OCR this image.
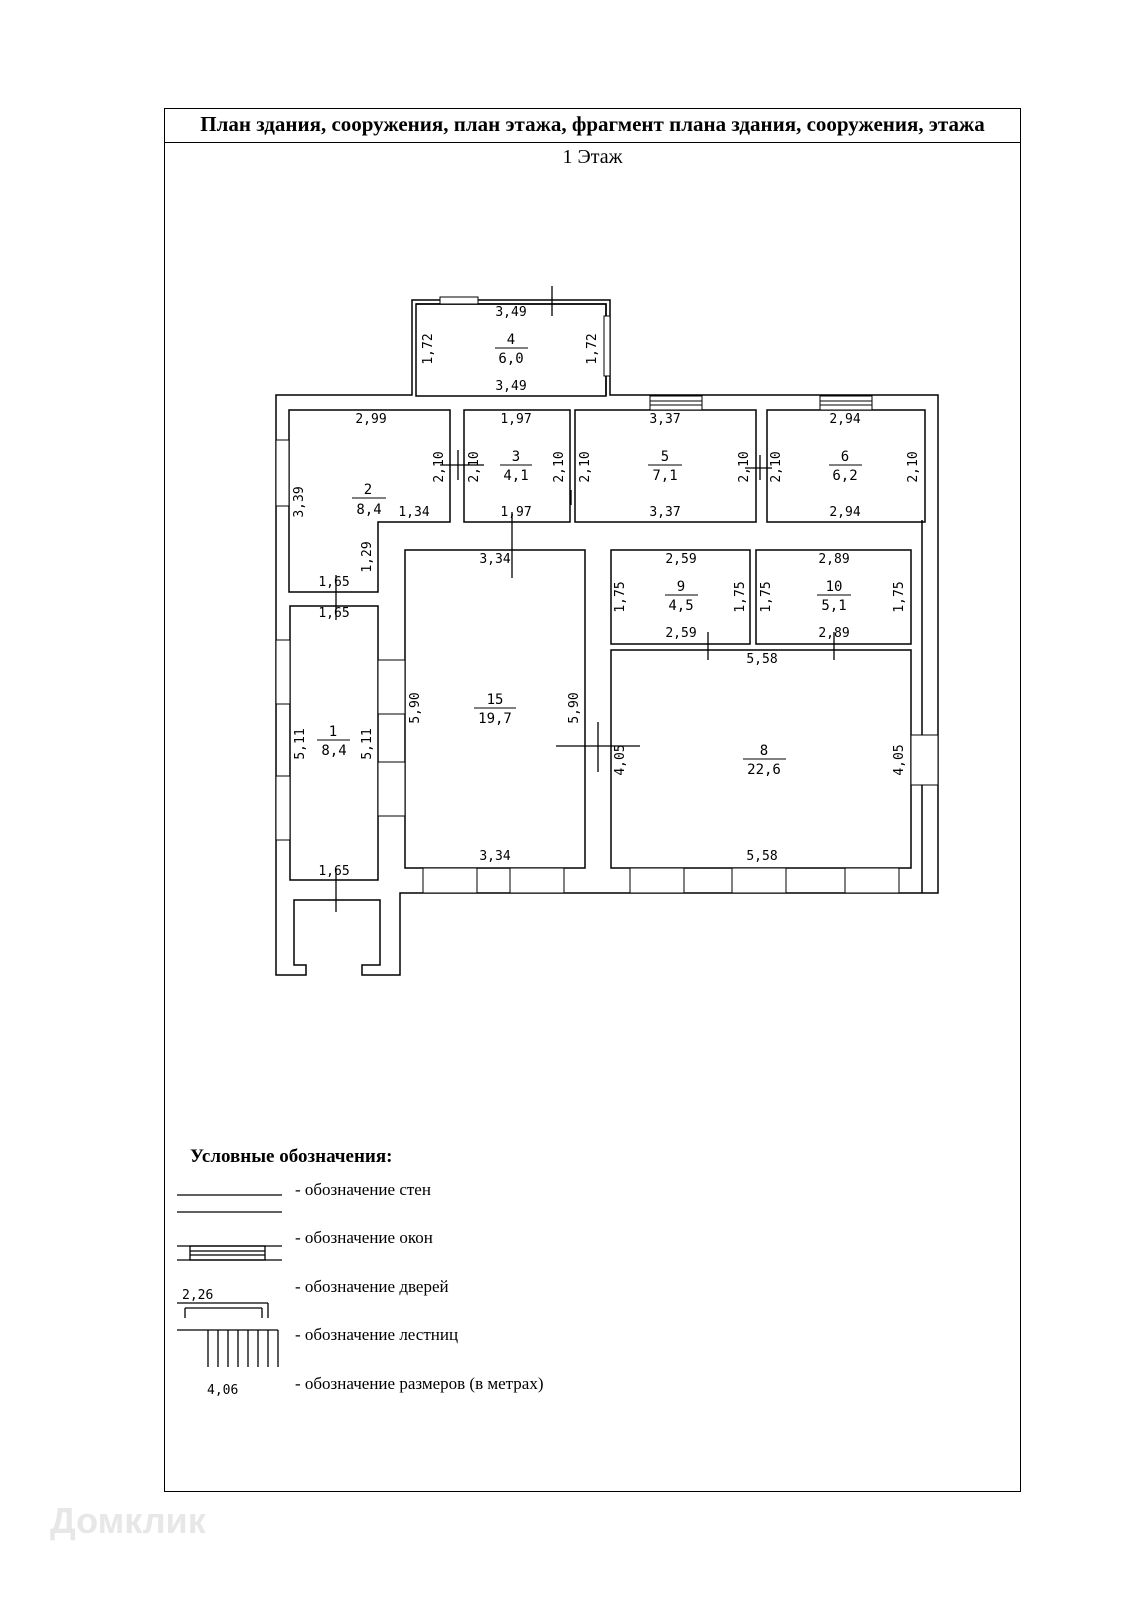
План здания, сооружения, план этажа, фрагмент плана здания, сооружения, этажа
1 Этаж
4
6,0
2
8,4
3
4,1
5
7,1
6
6,2
9
4,5
10
5,1
15
19,7
8
22,6
1
8,4
3,49
3,49
1,72	1,72
2,99
3,39
2,10
1,34
1,29
1,65
1,97
1,97
2,10	2,10
3,37
3,37
2,10	2,10
2,94
2,94
2,10	2,10
3,34
3,34
5,90	5,90
2,59
2,59
1,75	1,75
2,89
2,89
1,75	1,75
5,58
5,58
4,05	4,05
1,65
1,65
5,11	5,11
2,26
4,06
Условные обозначения:
- обозначение стен
- обозначение окон
- обозначение дверей
- обозначение лестниц
- обозначение размеров (в метрах)
Домклик
